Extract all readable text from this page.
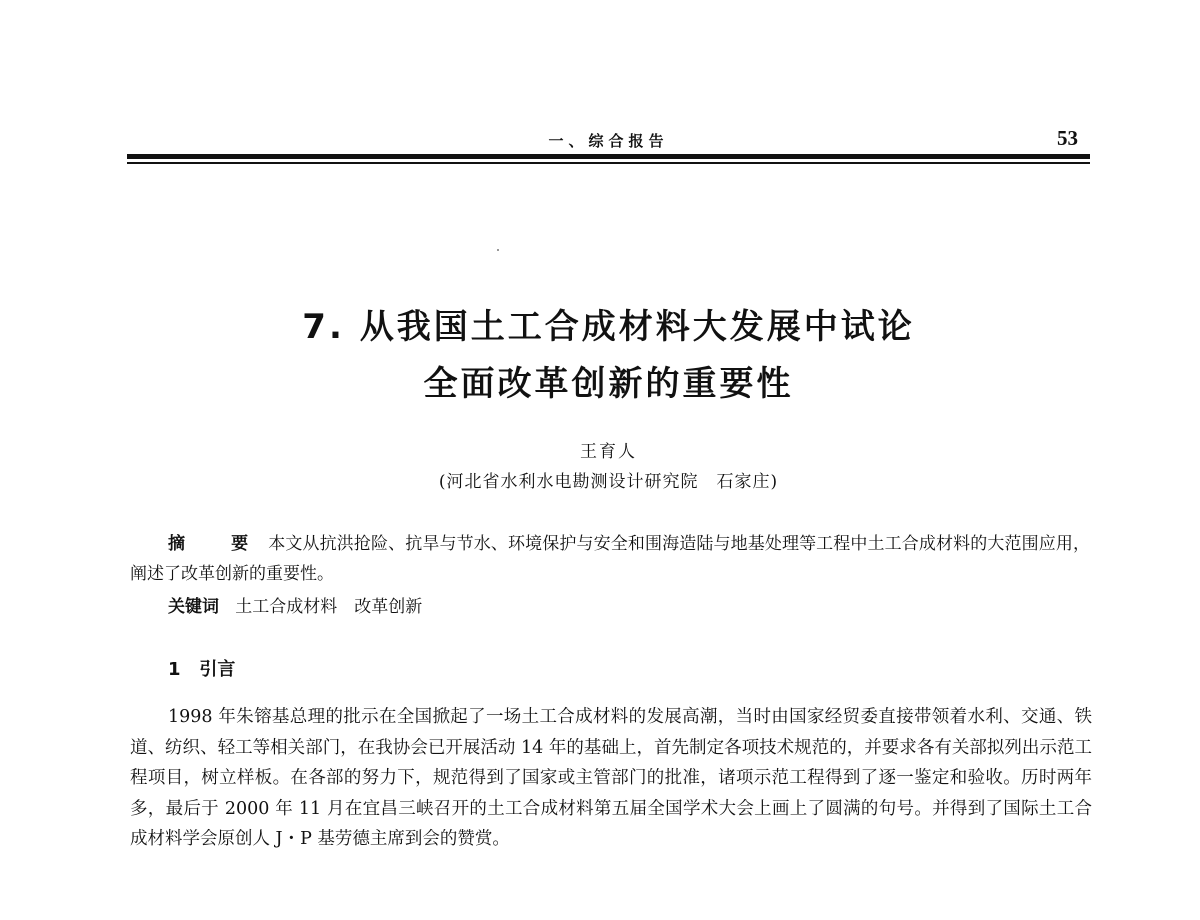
一、综合报告	53
7. 从我国土工合成材料大发展中试论
全面改革创新的重要性
王育人
(河北省水利水电勘测设计研究院　石家庄)
摘 要本文从抗洪抢险、抗旱与节水、环境保护与安全和围海造陆与地基处理等工程中土工合成材料的大范围应用，阐述了改革创新的重要性。
关键词 土工合成材料　改革创新
1 引言
1998 年朱镕基总理的批示在全国掀起了一场土工合成材料的发展高潮，当时由国家经贸委直接带领着水利、交通、铁道、纺织、轻工等相关部门，在我协会已开展活动 14 年的基础上，首先制定各项技术规范的，并要求各有关部拟列出示范工程项目，树立样板。在各部的努力下，规范得到了国家或主管部门的批准，诸项示范工程得到了逐一鉴定和验收。历时两年多，最后于 2000 年 11 月在宜昌三峡召开的土工合成材料第五届全国学术大会上画上了圆满的句号。并得到了国际土工合成材料学会原创人 J・P 基劳德主席到会的赞赏。
